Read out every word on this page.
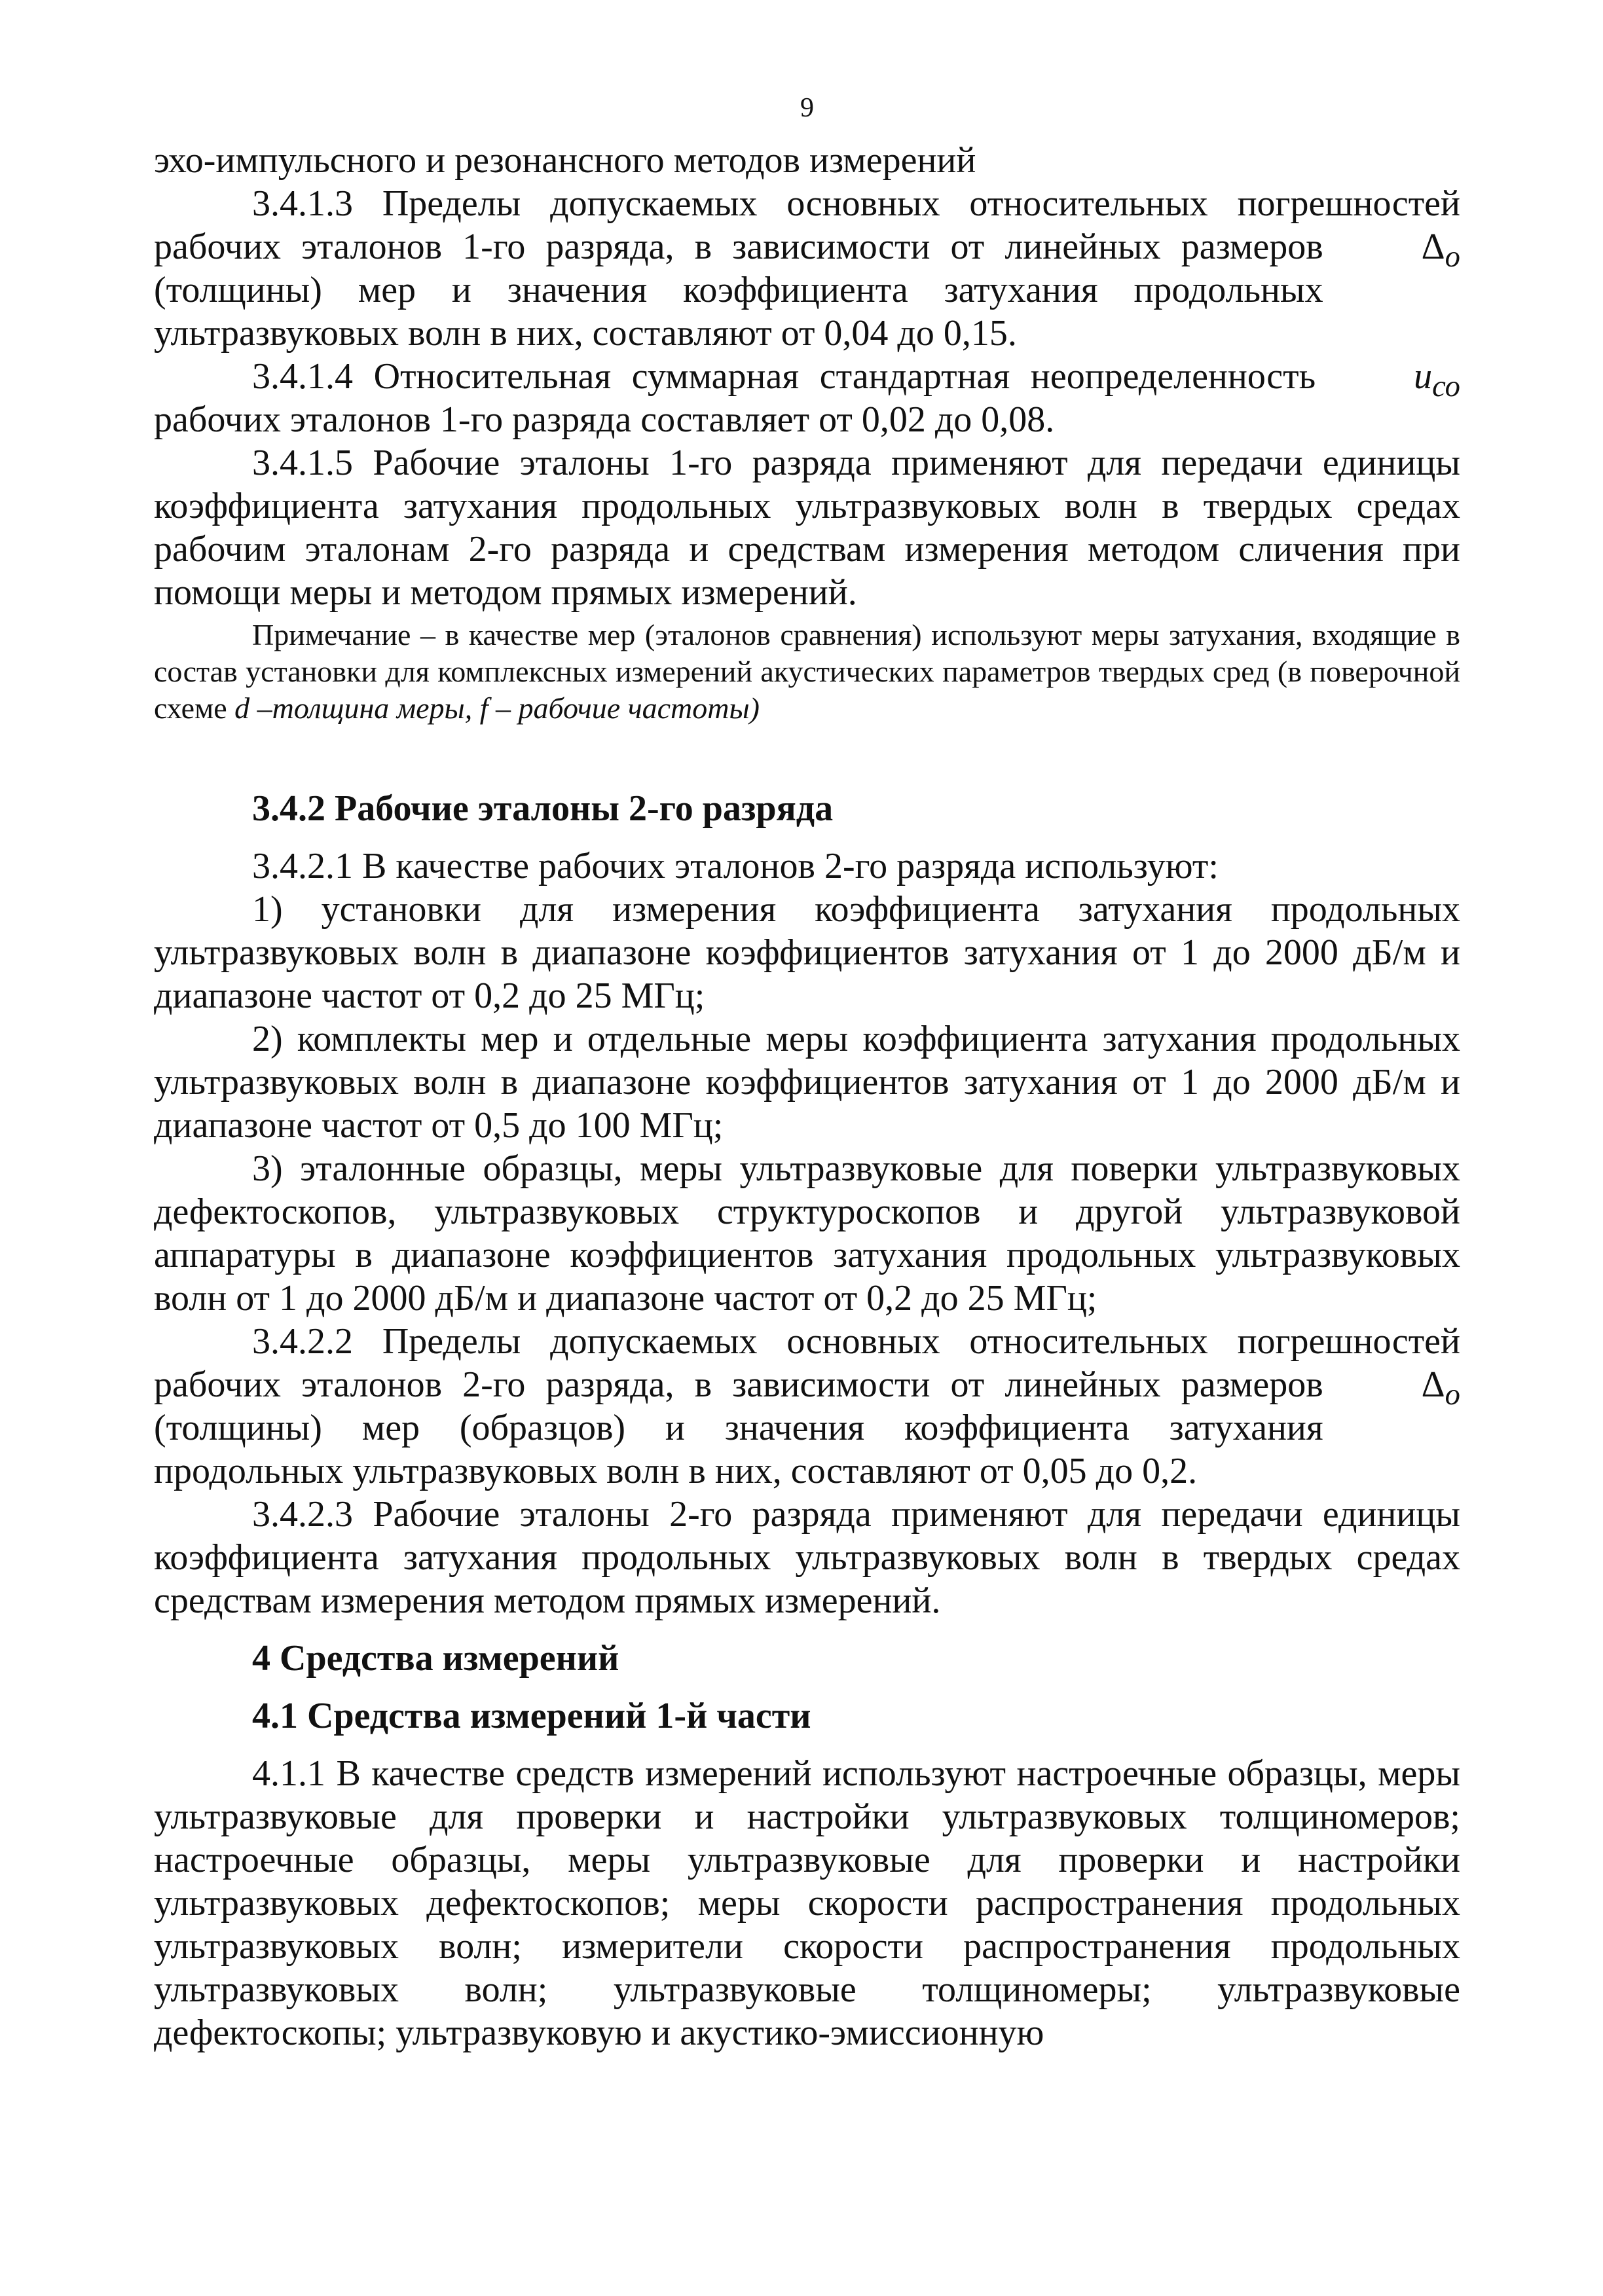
9

эхо-импульсного и резонансного методов измерений

3.4.1.3 Пределы допускаемых основных относительных погрешностей
$\Delta_о$
рабочих эталонов 1-го разряда, в зависимости от линейных размеров (толщины) мер и значения коэффициента затухания продольных ультразвуковых волн в них, составляют от 0,04 до 0,15.

3.4.1.4 Относительная суммарная стандартная неопределенность	$u_{со}$
рабочих эталонов 1-го разряда составляет от 0,02 до 0,08.

3.4.1.5 Рабочие эталоны 1-го разряда применяют для передачи единицы коэффициента затухания продольных ультразвуковых волн в твердых средах рабочим эталонам 2-го разряда и средствам измерения методом сличения при помощи меры и методом прямых измерений.

Примечание – в качестве мер (эталонов сравнения) используют меры затухания, входящие в состав установки для комплексных измерений акустических параметров твердых сред (в поверочной схеме d –толщина меры, f – рабочие частоты)

3.4.2 Рабочие эталоны 2-го разряда

3.4.2.1 В качестве рабочих эталонов 2-го разряда используют:

1) установки для измерения коэффициента затухания продольных ультразвуковых волн в диапазоне коэффициентов затухания от 1 до 2000 дБ/м и диапазоне частот от 0,2 до 25 МГц;

2) комплекты мер и отдельные меры коэффициента затухания продольных ультразвуковых волн в диапазоне коэффициентов затухания от 1 до 2000 дБ/м и диапазоне частот от 0,5 до 100 МГц;

3) эталонные образцы, меры ультразвуковые для поверки ультразвуковых дефектоскопов, ультразвуковых структуроскопов и другой ультразвуковой аппаратуры в диапазоне коэффициентов затухания продольных ультразвуковых волн от 1 до 2000 дБ/м и диапазоне частот от 0,2 до 25 МГц;

3.4.2.2 Пределы допускаемых основных относительных погрешностей
$\Delta_о$
рабочих эталонов 2-го разряда, в зависимости от линейных размеров (толщины) мер (образцов) и значения коэффициента затухания продольных ультразвуковых волн в них, составляют от 0,05 до 0,2.

3.4.2.3 Рабочие эталоны 2-го разряда применяют для передачи единицы коэффициента затухания продольных ультразвуковых волн в твердых средах средствам измерения методом прямых измерений.

4 Средства измерений
4.1 Средства измерений 1-й части

4.1.1 В качестве средств измерений используют настроечные образцы, меры ультразвуковые для проверки и настройки ультразвуковых толщиномеров; настроечные образцы, меры ультразвуковые для проверки и настройки ультразвуковых дефектоскопов; меры скорости распространения продольных ультразвуковых волн; измерители скорости распространения продольных ультразвуковых волн; ультразвуковые толщиномеры; ультразвуковые дефектоскопы; ультразвуковую и акустико-эмиссионную
